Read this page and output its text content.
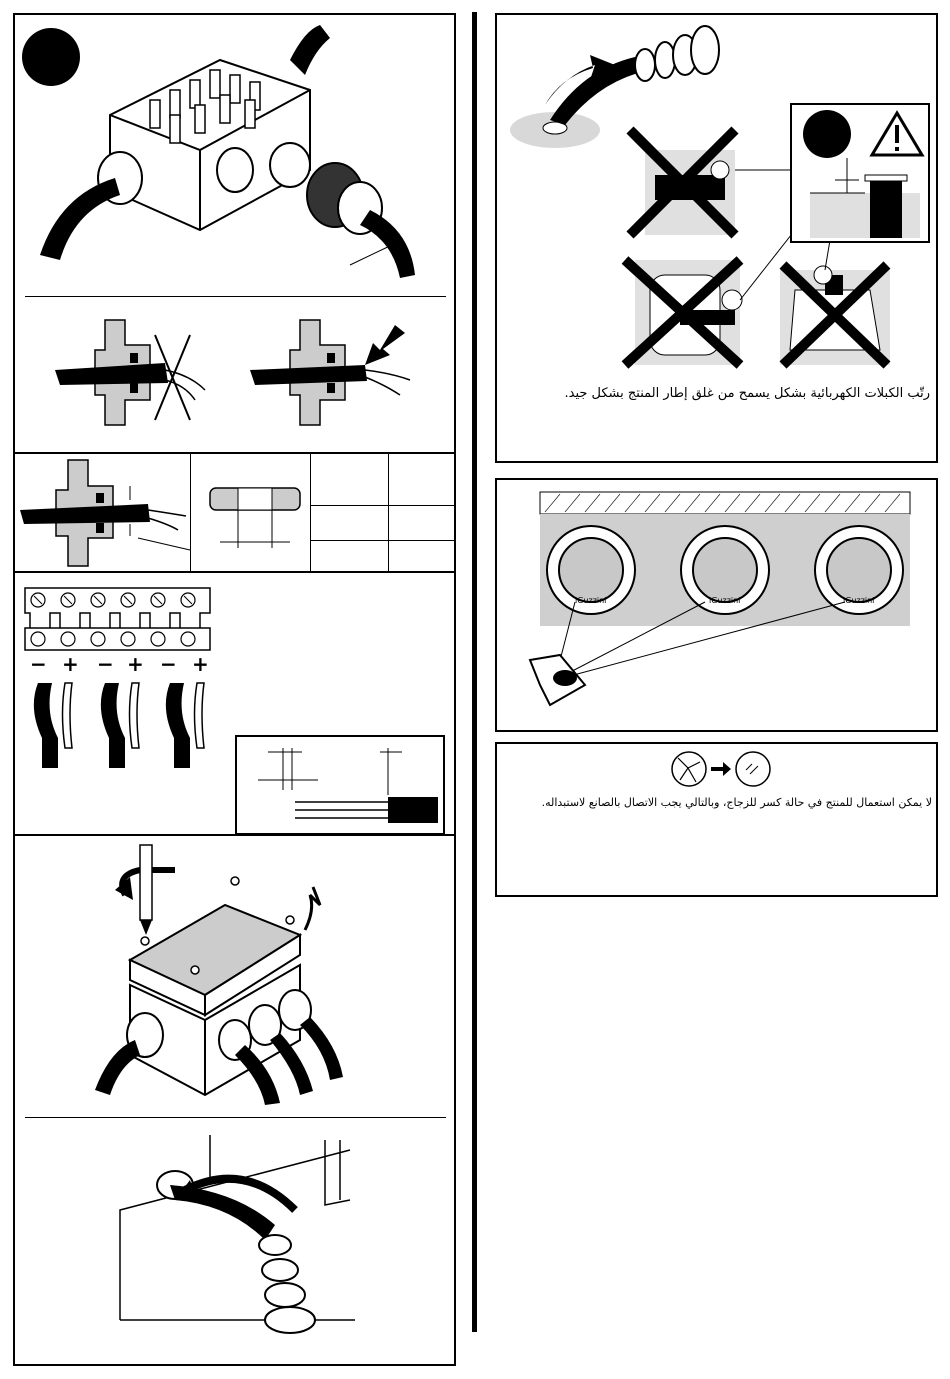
− + − + − +
رتّب الكبلات الكهربائية بشكل يسمح من غلق إطار المنتج بشكل جيد.
iGuzzini	iGuzzini	iGuzzini
لا يمكن استعمال للمنتج في حالة كسر للزجاج، وبالتالي يجب الاتصال بالصانع لاستبداله.
